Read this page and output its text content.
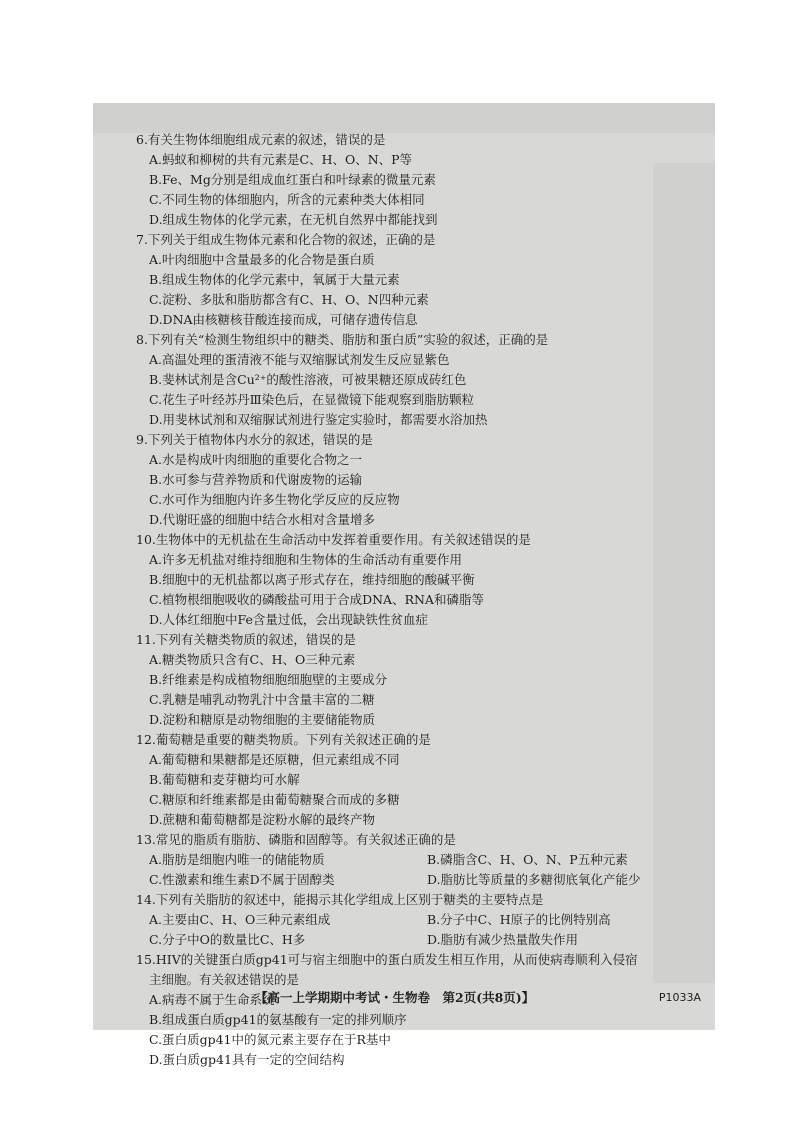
6.有关生物体细胞组成元素的叙述，错误的是
A.蚂蚁和柳树的共有元素是C、H、O、N、P等
B.Fe、Mg分别是组成血红蛋白和叶绿素的微量元素
C.不同生物的体细胞内，所含的元素种类大体相同
D.组成生物体的化学元素，在无机自然界中都能找到
7.下列关于组成生物体元素和化合物的叙述，正确的是
A.叶肉细胞中含量最多的化合物是蛋白质
B.组成生物体的化学元素中，氧属于大量元素
C.淀粉、多肽和脂肪都含有C、H、O、N四种元素
D.DNA由核糖核苷酸连接而成，可储存遗传信息
8.下列有关“检测生物组织中的糖类、脂肪和蛋白质”实验的叙述，正确的是
A.高温处理的蛋清液不能与双缩脲试剂发生反应显紫色
B.斐林试剂是含Cu²⁺的酸性溶液，可被果糖还原成砖红色
C.花生子叶经苏丹Ⅲ染色后，在显微镜下能观察到脂肪颗粒
D.用斐林试剂和双缩脲试剂进行鉴定实验时，都需要水浴加热
9.下列关于植物体内水分的叙述，错误的是
A.水是构成叶肉细胞的重要化合物之一
B.水可参与营养物质和代谢废物的运输
C.水可作为细胞内许多生物化学反应的反应物
D.代谢旺盛的细胞中结合水相对含量增多
10.生物体中的无机盐在生命活动中发挥着重要作用。有关叙述错误的是
A.许多无机盐对维持细胞和生物体的生命活动有重要作用
B.细胞中的无机盐都以离子形式存在，维持细胞的酸碱平衡
C.植物根细胞吸收的磷酸盐可用于合成DNA、RNA和磷脂等
D.人体红细胞中Fe含量过低，会出现缺铁性贫血症
11.下列有关糖类物质的叙述，错误的是
A.糖类物质只含有C、H、O三种元素
B.纤维素是构成植物细胞细胞壁的主要成分
C.乳糖是哺乳动物乳汁中含量丰富的二糖
D.淀粉和糖原是动物细胞的主要储能物质
12.葡萄糖是重要的糖类物质。下列有关叙述正确的是
A.葡萄糖和果糖都是还原糖，但元素组成不同
B.葡萄糖和麦芽糖均可水解
C.糖原和纤维素都是由葡萄糖聚合而成的多糖
D.蔗糖和葡萄糖都是淀粉水解的最终产物
13.常见的脂质有脂肪、磷脂和固醇等。有关叙述正确的是
A.脂肪是细胞内唯一的储能物质	B.磷脂含C、H、O、N、P五种元素
C.性激素和维生素D不属于固醇类	D.脂肪比等质量的多糖彻底氧化产能少
14.下列有关脂肪的叙述中，能揭示其化学组成上区别于糖类的主要特点是
A.主要由C、H、O三种元素组成	B.分子中C、H原子的比例特别高
C.分子中O的数量比C、H多	D.脂肪有减少热量散失作用
15.HIV的关键蛋白质gp41可与宿主细胞中的蛋白质发生相互作用，从而使病毒顺利入侵宿
主细胞。有关叙述错误的是
A.病毒不属于生命系统
B.组成蛋白质gp41的氨基酸有一定的排列顺序
C.蛋白质gp41中的氮元素主要存在于R基中
D.蛋白质gp41具有一定的空间结构
【高一上学期期中考试・生物卷　第2页(共8页)】	P1033A
